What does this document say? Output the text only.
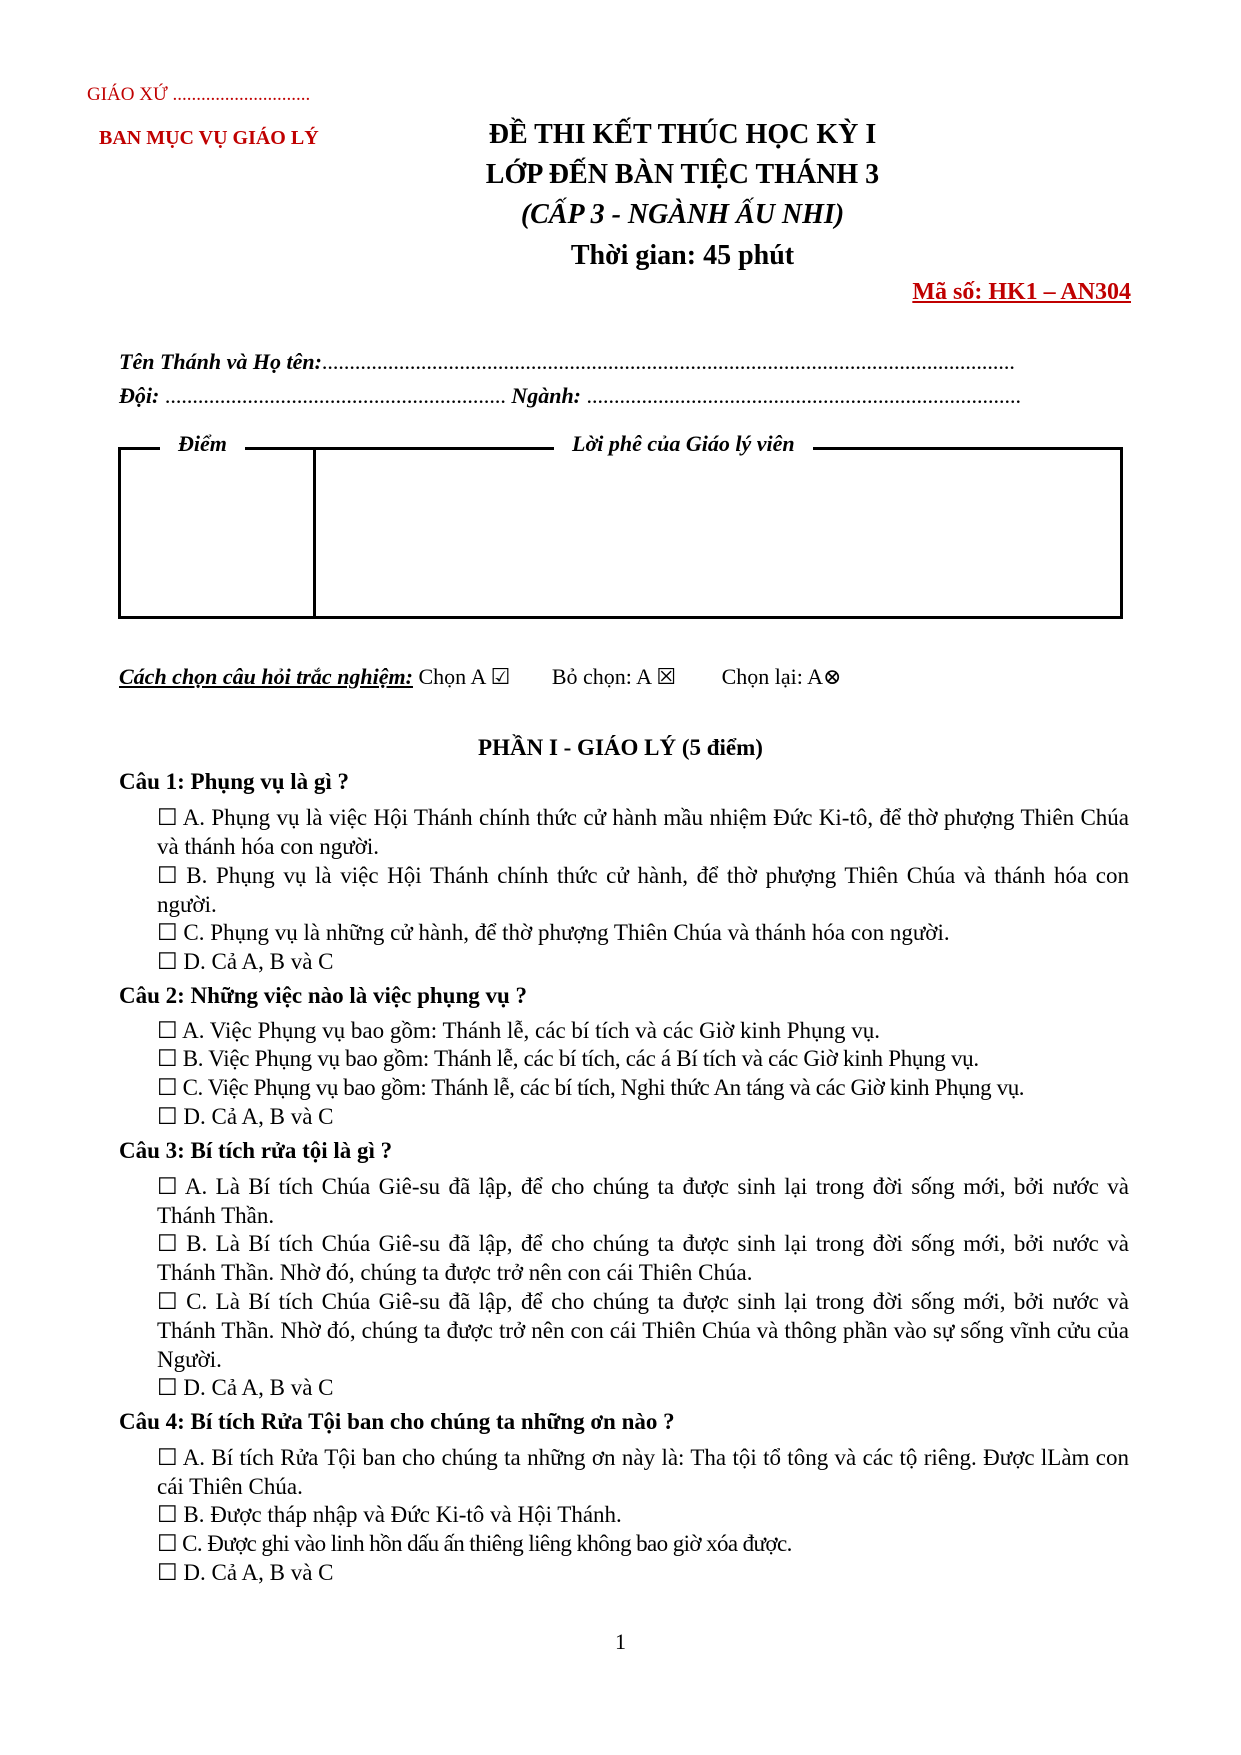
GIÁO XỨ .............................
BAN MỤC VỤ GIÁO LÝ	ĐỀ THI KẾT THÚC HỌC KỲ I
LỚP ĐẾN BÀN TIỆC THÁNH 3
(CẤP 3 - NGÀNH ẤU NHI)
Thời gian: 45 phút
Mã số: HK1 – AN304
Tên Thánh và Họ tên:..............................................................................................................................
Đội: .............................................................. Ngành: ...............................................................................
Điểm	Lời phê của Giáo lý viên
Cách chọn câu hỏi trắc nghiệm: Chọn A ☑ Bỏ chọn: A ☒ Chọn lại: A⊗
PHẦN I - GIÁO LÝ (5 điểm)
Câu 1: Phụng vụ là gì ?
☐ A. Phụng vụ là việc Hội Thánh chính thức cử hành mầu nhiệm Đức Ki-tô, để thờ phượng Thiên Chúa và thánh hóa con người.
☐ B. Phụng vụ là việc Hội Thánh chính thức cử hành, để thờ phượng Thiên Chúa và thánh hóa con người.
☐ C. Phụng vụ là những cử hành, để thờ phượng Thiên Chúa và thánh hóa con người.
☐ D. Cả A, B và C
Câu 2: Những việc nào là việc phụng vụ ?
☐ A. Việc Phụng vụ bao gồm: Thánh lễ, các bí tích và các Giờ kinh Phụng vụ.
☐ B. Việc Phụng vụ bao gồm: Thánh lễ, các bí tích, các á Bí tích và các Giờ kinh Phụng vụ.
☐ C. Việc Phụng vụ bao gồm: Thánh lễ, các bí tích, Nghi thức An táng và các Giờ kinh Phụng vụ.
☐ D. Cả A, B và C
Câu 3: Bí tích rửa tội là gì ?
☐ A. Là Bí tích Chúa Giê-su đã lập, để cho chúng ta được sinh lại trong đời sống mới, bởi nước và Thánh Thần.
☐ B. Là Bí tích Chúa Giê-su đã lập, để cho chúng ta được sinh lại trong đời sống mới, bởi nước và Thánh Thần. Nhờ đó, chúng ta được trở nên con cái Thiên Chúa.
☐ C. Là Bí tích Chúa Giê-su đã lập, để cho chúng ta được sinh lại trong đời sống mới, bởi nước và Thánh Thần. Nhờ đó, chúng ta được trở nên con cái Thiên Chúa và thông phần vào sự sống vĩnh cửu của Người.
☐ D. Cả A, B và C
Câu 4: Bí tích Rửa Tội ban cho chúng ta những ơn nào ?
☐ A. Bí tích Rửa Tội ban cho chúng ta những ơn này là: Tha tội tổ tông và các tộ riêng. Được lLàm con cái Thiên Chúa.
☐ B. Được tháp nhập và Đức Ki-tô và Hội Thánh.
☐ C. Được ghi vào linh hồn dấu ấn thiêng liêng không bao giờ xóa được.
☐ D. Cả A, B và C
1
